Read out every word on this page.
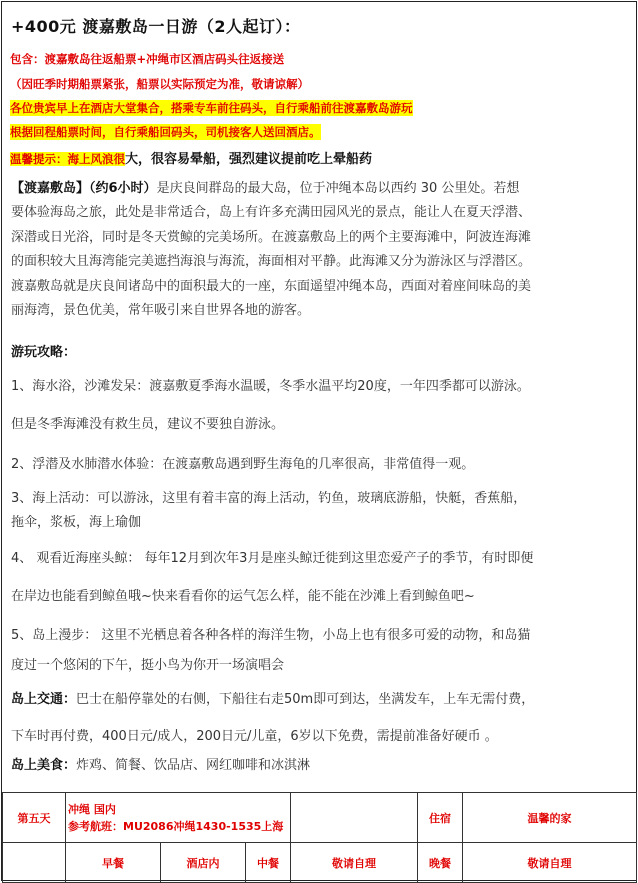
+400元 渡嘉敷岛一日游（2人起订）：
包含：渡嘉敷岛往返船票+冲绳市区酒店码头往返接送
（因旺季时期船票紧张，船票以实际预定为准，敬请谅解）
各位贵宾早上在酒店大堂集合，搭乘专车前往码头，自行乘船前往渡嘉敷岛游玩
根据回程船票时间，自行乘船回码头，司机接客人送回酒店。
温馨提示：海上风浪很大，很容易晕船，强烈建议提前吃上晕船药
【渡嘉敷岛】（约6小时）是庆良间群岛的最大岛，位于冲绳本岛以西约 30 公里处。若想
要体验海岛之旅，此处是非常适合，岛上有许多充满田园风光的景点，能让人在夏天浮潜、
深潜或日光浴，同时是冬天赏鲸的完美场所。在渡嘉敷岛上的两个主要海滩中，阿波连海滩
的面积较大且海湾能完美遮挡海浪与海流，海面相对平静。此海滩又分为游泳区与浮潜区。
渡嘉敷岛就是庆良间诸岛中的面积最大的一座，东面遥望冲绳本岛，西面对着座间味岛的美
丽海湾，景色优美，常年吸引来自世界各地的游客。
游玩攻略：
1、海水浴，沙滩发呆：渡嘉敷夏季海水温暖，冬季水温平均20度，一年四季都可以游泳。
但是冬季海滩没有救生员，建议不要独自游泳。
2、浮潜及水肺潜水体验：在渡嘉敷岛遇到野生海龟的几率很高，非常值得一观。
3、海上活动：可以游泳，这里有着丰富的海上活动，钓鱼，玻璃底游船，快艇，香蕉船，
拖伞，浆板，海上瑜伽
4、 观看近海座头鲸： 每年12月到次年3月是座头鲸迁徙到这里恋爱产子的季节，有时即便
在岸边也能看到鲸鱼哦~快来看看你的运气怎么样，能不能在沙滩上看到鲸鱼吧~
5、岛上漫步： 这里不光栖息着各种各样的海洋生物，小岛上也有很多可爱的动物，和岛猫
度过一个悠闲的下午，挺小鸟为你开一场演唱会
岛上交通：巴士在船停靠处的右侧，下船往右走50m即可到达，坐满发车，上车无需付费，
下车时再付费，400日元/成人，200日元/儿童，6岁以下免费，需提前准备好硬币 。
岛上美食：炸鸡、简餐、饮品店、网红咖啡和冰淇淋
第五天	冲绳 国内
参考航班：MU2086冲绳1430-1535上海				住宿	温馨的家
	早餐	酒店内	中餐	敬请自理	晚餐	敬请自理
